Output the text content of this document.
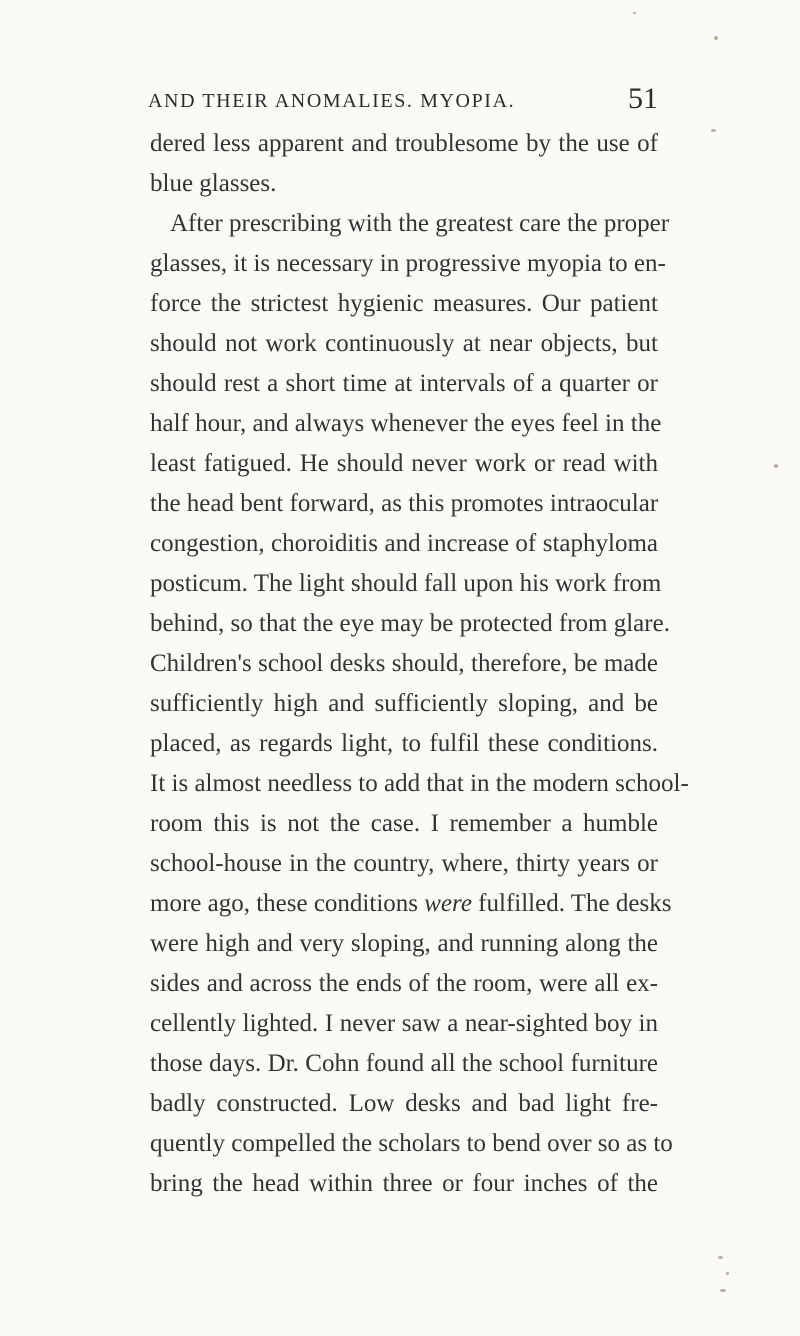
AND THEIR ANOMALIES. MYOPIA.	51
dered less apparent and troublesome by the use of
blue glasses.
After prescribing with the greatest care the proper
glasses, it is necessary in progressive myopia to en-
force the strictest hygienic measures. Our patient
should not work continuously at near objects, but
should rest a short time at intervals of a quarter or
half hour, and always whenever the eyes feel in the
least fatigued. He should never work or read with
the head bent forward, as this promotes intraocular
congestion, choroiditis and increase of staphyloma
posticum. The light should fall upon his work from
behind, so that the eye may be protected from glare.
Children's school desks should, therefore, be made
sufficiently high and sufficiently sloping, and be
placed, as regards light, to fulfil these conditions.
It is almost needless to add that in the modern school-
room this is not the case. I remember a humble
school-house in the country, where, thirty years or
more ago, these conditions were fulfilled. The desks
were high and very sloping, and running along the
sides and across the ends of the room, were all ex-
cellently lighted. I never saw a near-sighted boy in
those days. Dr. Cohn found all the school furniture
badly constructed. Low desks and bad light fre-
quently compelled the scholars to bend over so as to
bring the head within three or four inches of the
